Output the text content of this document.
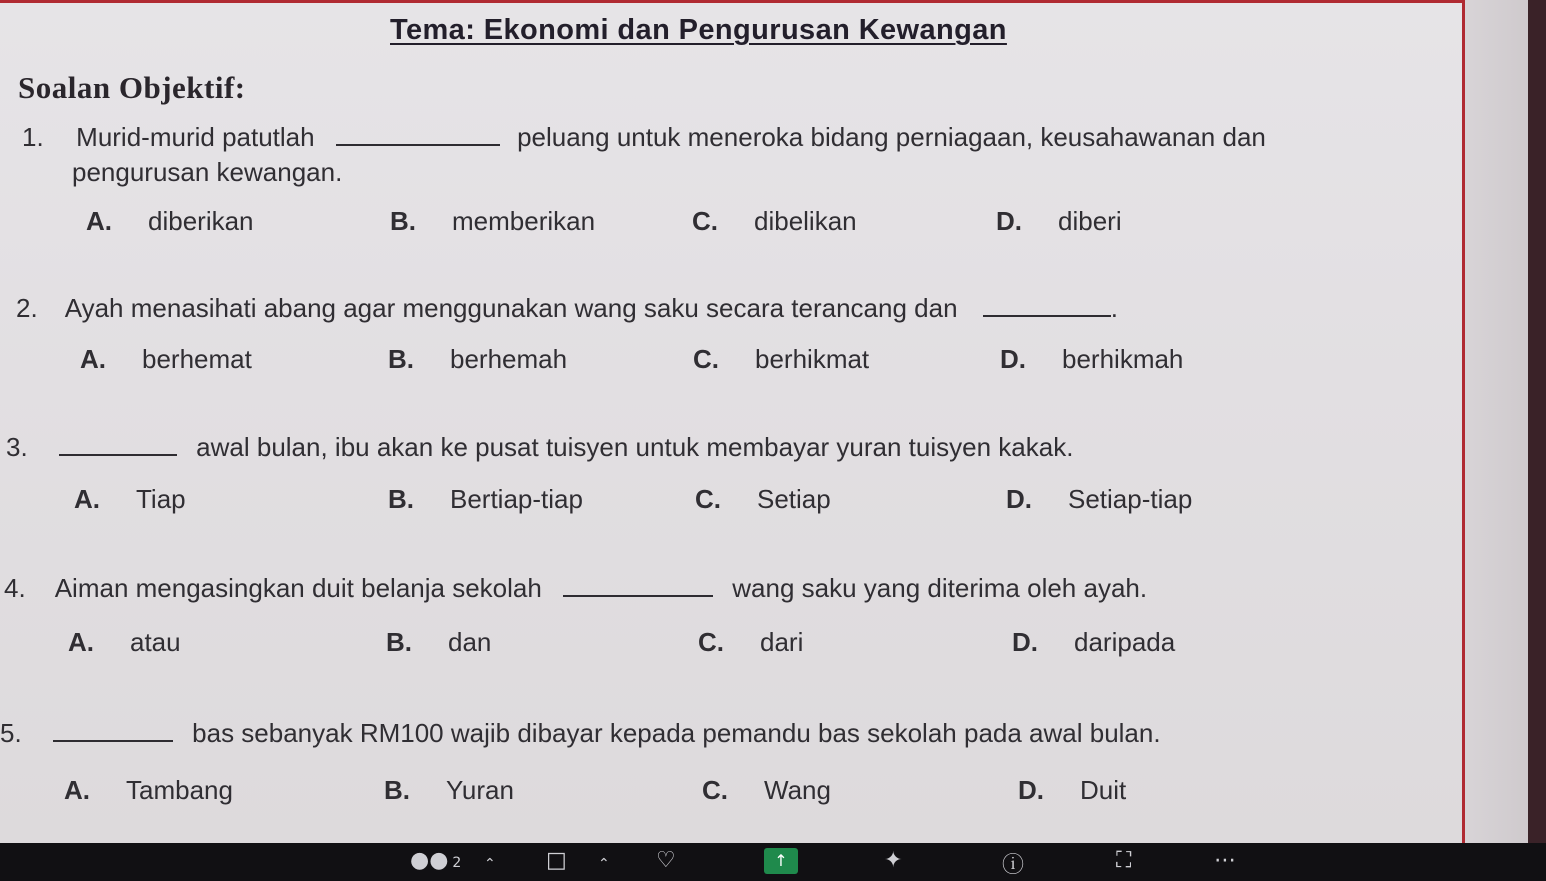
Tema: Ekonomi dan Pengurusan Kewangan
Soalan Objektif:
1. Murid-murid patutlah	peluang untuk meneroka bidang perniagaan, keusahawanan dan
pengurusan kewangan.
A. diberikan	B. memberikan	C. dibelikan	D. diberi
2. Ayah menasihati abang agar menggunakan wang saku secara terancang dan	.
A. berhemat	B. berhemah	C. berhikmat	D. berhikmah
3.	awal bulan, ibu akan ke pusat tuisyen untuk membayar yuran tuisyen kakak.
A. Tiap	B. Bertiap-tiap	C. Setiap	D. Setiap-tiap
4. Aiman mengasingkan duit belanja sekolah	wang saku yang diterima oleh ayah.
A. atau	B. dan	C. dari	D. daripada
5.	bas sebanyak RM100 wajib dibayar kepada pemandu bas sekolah pada awal bulan.
A. Tambang	B. Yuran	C. Wang	D. Duit
●● 2 ⌃ □ ⌃ ♡	↑	✦	ⓘ	⛶	⋯
